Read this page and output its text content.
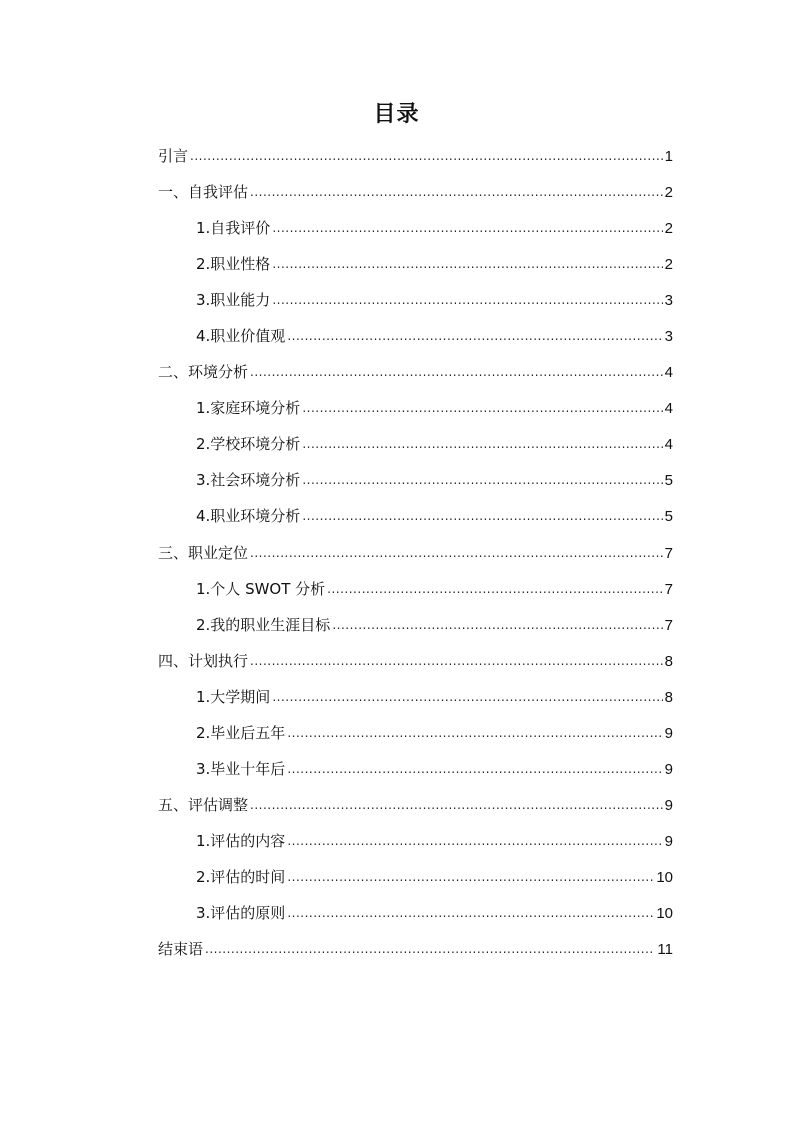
目录
引言 .....	1
一、自我评估 .....	2
1.自我评价 .....	2
2.职业性格 .....	2
3.职业能力 .....	3
4.职业价值观 .....	3
二、环境分析 .....	4
1.家庭环境分析 .....	4
2.学校环境分析 .....	4
3.社会环境分析 .....	5
4.职业环境分析 .....	5
三、职业定位 .....	7
1.个人 SWOT 分析 .....	7
2.我的职业生涯目标 .....	7
四、计划执行 .....	8
1.大学期间 .....	8
2.毕业后五年 .....	9
3.毕业十年后 .....	9
五、评估调整 .....	9
1.评估的内容 .....	9
2.评估的时间 .....	10
3.评估的原则 .....	10
结束语 .....	11
